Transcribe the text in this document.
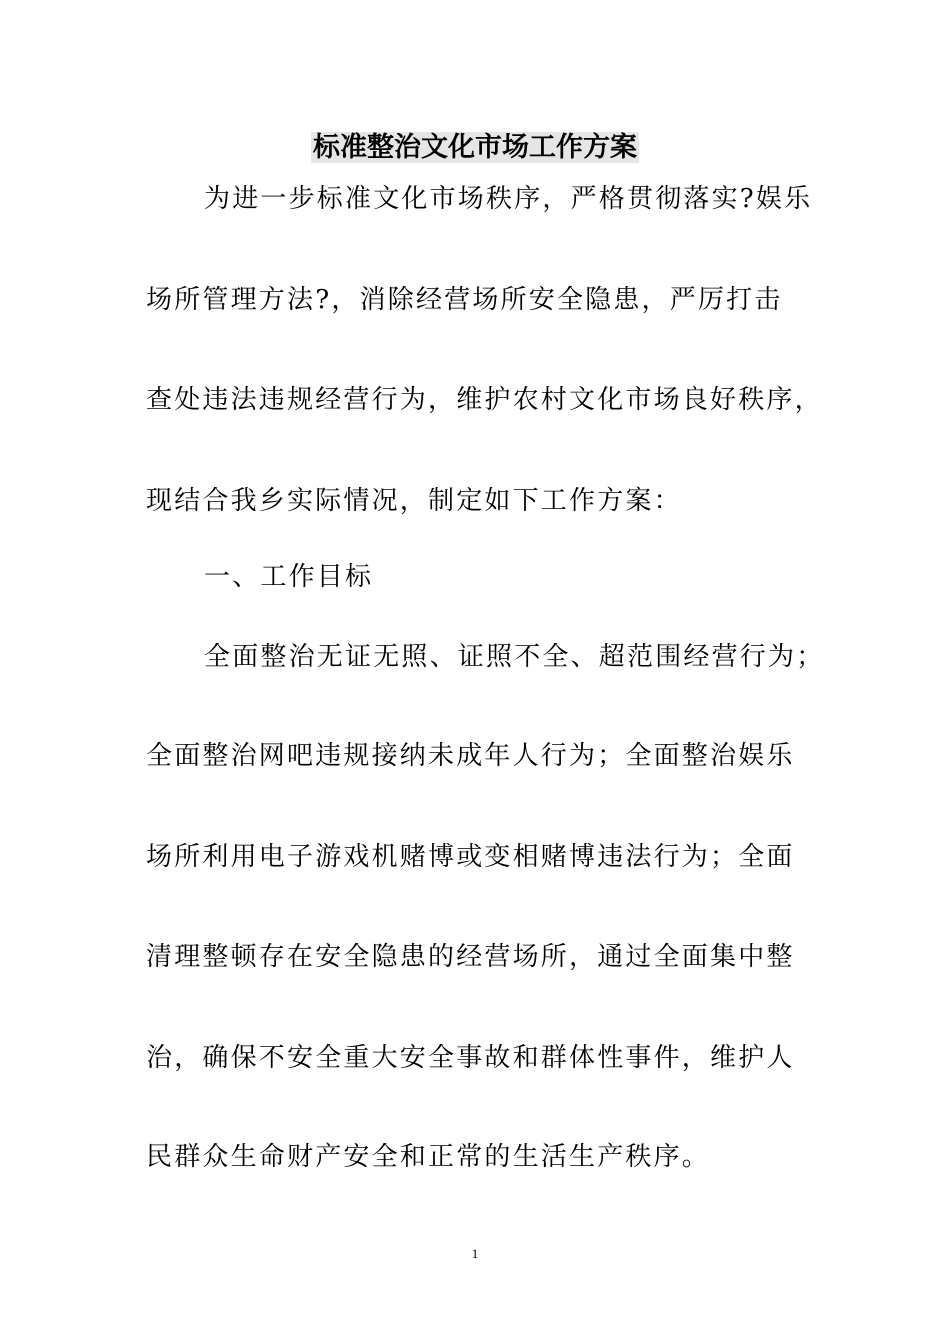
标准整治文化市场工作方案

为进一步标准文化市场秩序，严格贯彻落实?娱乐

场所管理方法?，消除经营场所安全隐患，严厉打击

查处违法违规经营行为，维护农村文化市场良好秩序，

现结合我乡实际情况，制定如下工作方案：

一、工作目标

全面整治无证无照、证照不全、超范围经营行为；

全面整治网吧违规接纳未成年人行为；全面整治娱乐

场所利用电子游戏机赌博或变相赌博违法行为；全面

清理整顿存在安全隐患的经营场所，通过全面集中整

治，确保不安全重大安全事故和群体性事件，维护人

民群众生命财产安全和正常的生活生产秩序。

1
